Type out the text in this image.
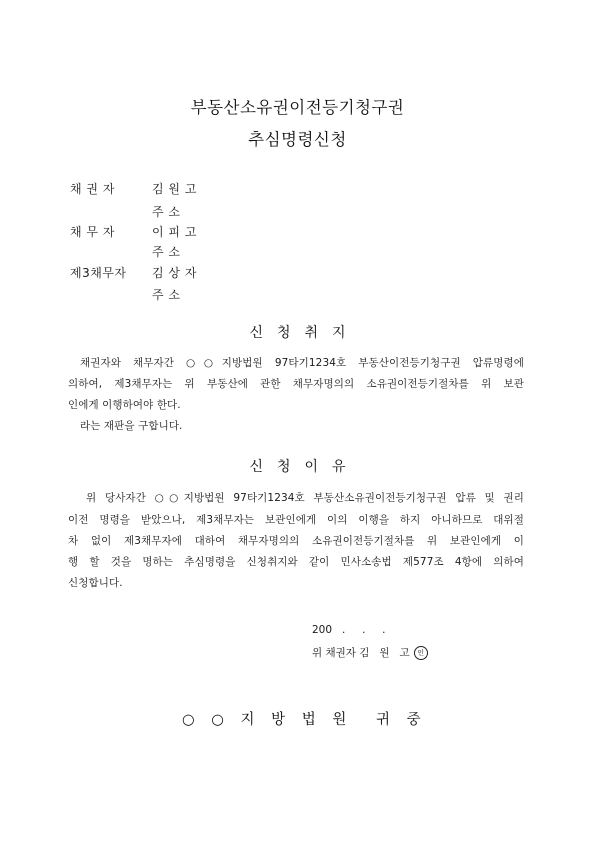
부동산소유권이전등기청구권
추심명령신청
채 권 자	김 원 고
주 소
채 무 자	이 피 고
주 소
제3채무자 김 상 자
주 소
신청취지
채권자와 채무자간 ○○지방법원 97타기1234호 부동산이전등기청구권 압류명령에
의하여, 제3채무자는 위 부동산에 관한 채무자명의의 소유권이전등기절차를 위 보관
인에게 이행하여야 한다.
라는 재판을 구합니다.
신청이유
위 당사자간 ○○지방법원 97타기1234호 부동산소유권이전등기청구권 압류 및 권리
이전 명령을 받았으나, 제3채무자는 보관인에게 이의 이행을 하지 아니하므로 대위절
차 없이 제3채무자에 대하여 채무자명의의 소유권이전등기절차를 위 보관인에게 이
행 할 것을 명하는 추심명령을 신청취지와 같이 민사소송법 제577조 4항에 의하여
신청합니다.
200   .     .     .
위 채권자 김   원   고 인
○ ○ 지 방 법 원 귀 중
